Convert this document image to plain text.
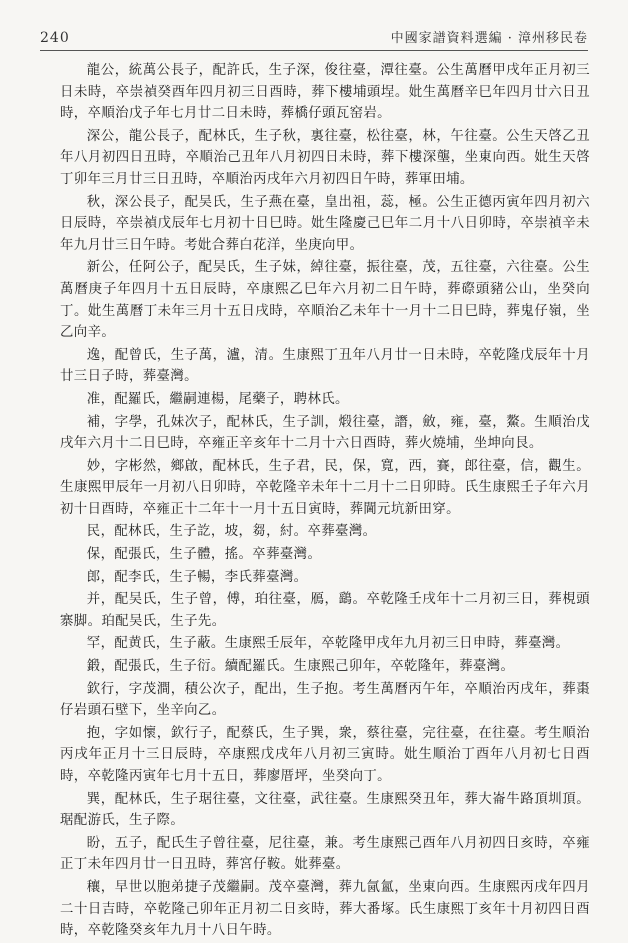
240	中國家譜資料選編 · 漳州移民卷

龍公，統萬公長子，配許氏，生子深，俊往臺，潭往臺。公生萬曆甲戌年正月初三日未時，卒崇禎癸酉年四月初三日酉時，葬下樓埔頭埕。妣生萬曆辛巳年四月廿六日丑時，卒順治戊子年七月廿二日未時，葬橋仔頭瓦窑岩。

深公，龍公長子，配林氏，生子秋，裏往臺，松往臺，林，午往臺。公生天啓乙丑年八月初四日丑時，卒順治己丑年八月初四日未時，葬下樓深壟，坐東向西。妣生天啓丁卯年三月廿三日丑時，卒順治丙戌年六月初四日午時，葬軍田埔。

秋，深公長子，配吴氏，生子燕在臺，皇出祖，蕊，極。公生正德丙寅年四月初六日辰時，卒崇禎戊辰年七月初十日巳時。妣生隆慶己巳年二月十八日卯時，卒崇禎辛未年九月廿三日午時。考妣合葬白花洋，坐庚向甲。

新公，任阿公子，配吴氏，生子妹，綽往臺，振往臺，茂，五往臺，六往臺。公生萬曆庚子年四月十五日辰時，卒康熙乙巳年六月初二日午時，葬磜頭豬公山，坐癸向丁。妣生萬曆丁未年三月十五日戌時，卒順治乙未年十一月十二日巳時，葬鬼仔嶺，坐乙向辛。

逸，配曾氏，生子萬，瀘，清。生康熙丁丑年八月廿一日未時，卒乾隆戊辰年十月廿三日子時，葬臺灣。

准，配羅氏，繼嗣連楊，尾藥子，聘林氏。

補，字學，孔妹次子，配林氏，生子訓，煅往臺，譖，斂，雍，臺，鰲。生順治戊戌年六月十二日巳時，卒雍正辛亥年十二月十六日酉時，葬火燒埔，坐坤向艮。

妙，字彬然，鄉啟，配林氏，生子君，民，保，寬，西，賽，郎往臺，信，觀生。生康熙甲辰年一月初八日卯時，卒乾隆辛未年十二月十二日卯時。氏生康熙壬子年六月初十日酉時，卒雍正十二年十一月十五日寅時，葬閫元坑新田穿。

民，配林氏，生子訖，坡，芻，紂。卒葬臺灣。

保，配張氏，生子體，搖。卒葬臺灣。

郎，配李氏，生子暢，李氏葬臺灣。

并，配吴氏，生子曾，傅，珀往臺，鴈，鷂。卒乾隆壬戌年十二月初三日，葬梘頭寨脚。珀配吴氏，生子先。

罕，配黄氏，生子蔽。生康熙壬辰年，卒乾隆甲戌年九月初三日申時，葬臺灣。

鍛，配張氏，生子衍。續配羅氏。生康熙己卯年，卒乾隆年，葬臺灣。

欽行，字茂澗，積公次子，配出，生子抱。考生萬曆丙午年，卒順治丙戌年，葬棗仔岩頭石壁下，坐辛向乙。

抱，字如懷，欽行子，配蔡氏，生子巽，衆，蔡往臺，完往臺，在往臺。考生順治丙戌年正月十三日辰時，卒康熙戊戌年八月初三寅時。妣生順治丁酉年八月初七日酉時，卒乾隆丙寅年七月十五日，葬廖厝坪，坐癸向丁。

巽，配林氏，生子琚往臺，文往臺，武往臺。生康熙癸丑年，葬大崙牛路頂圳頂。琚配游氏，生子際。

盼，五子，配氏生子曾往臺，尼往臺，兼。考生康熙己酉年八月初四日亥時，卒雍正丁未年四月廿一日丑時，葬宮仔鞍。妣葬臺。

穰，早世以胞弟捷子茂繼嗣。茂卒臺灣，葬九氤氳，坐東向西。生康熙丙戌年四月二十日吉時，卒乾隆己卯年正月初二日亥時，葬大番塚。氏生康熙丁亥年十月初四日酉時，卒乾隆癸亥年九月十八日午時。
